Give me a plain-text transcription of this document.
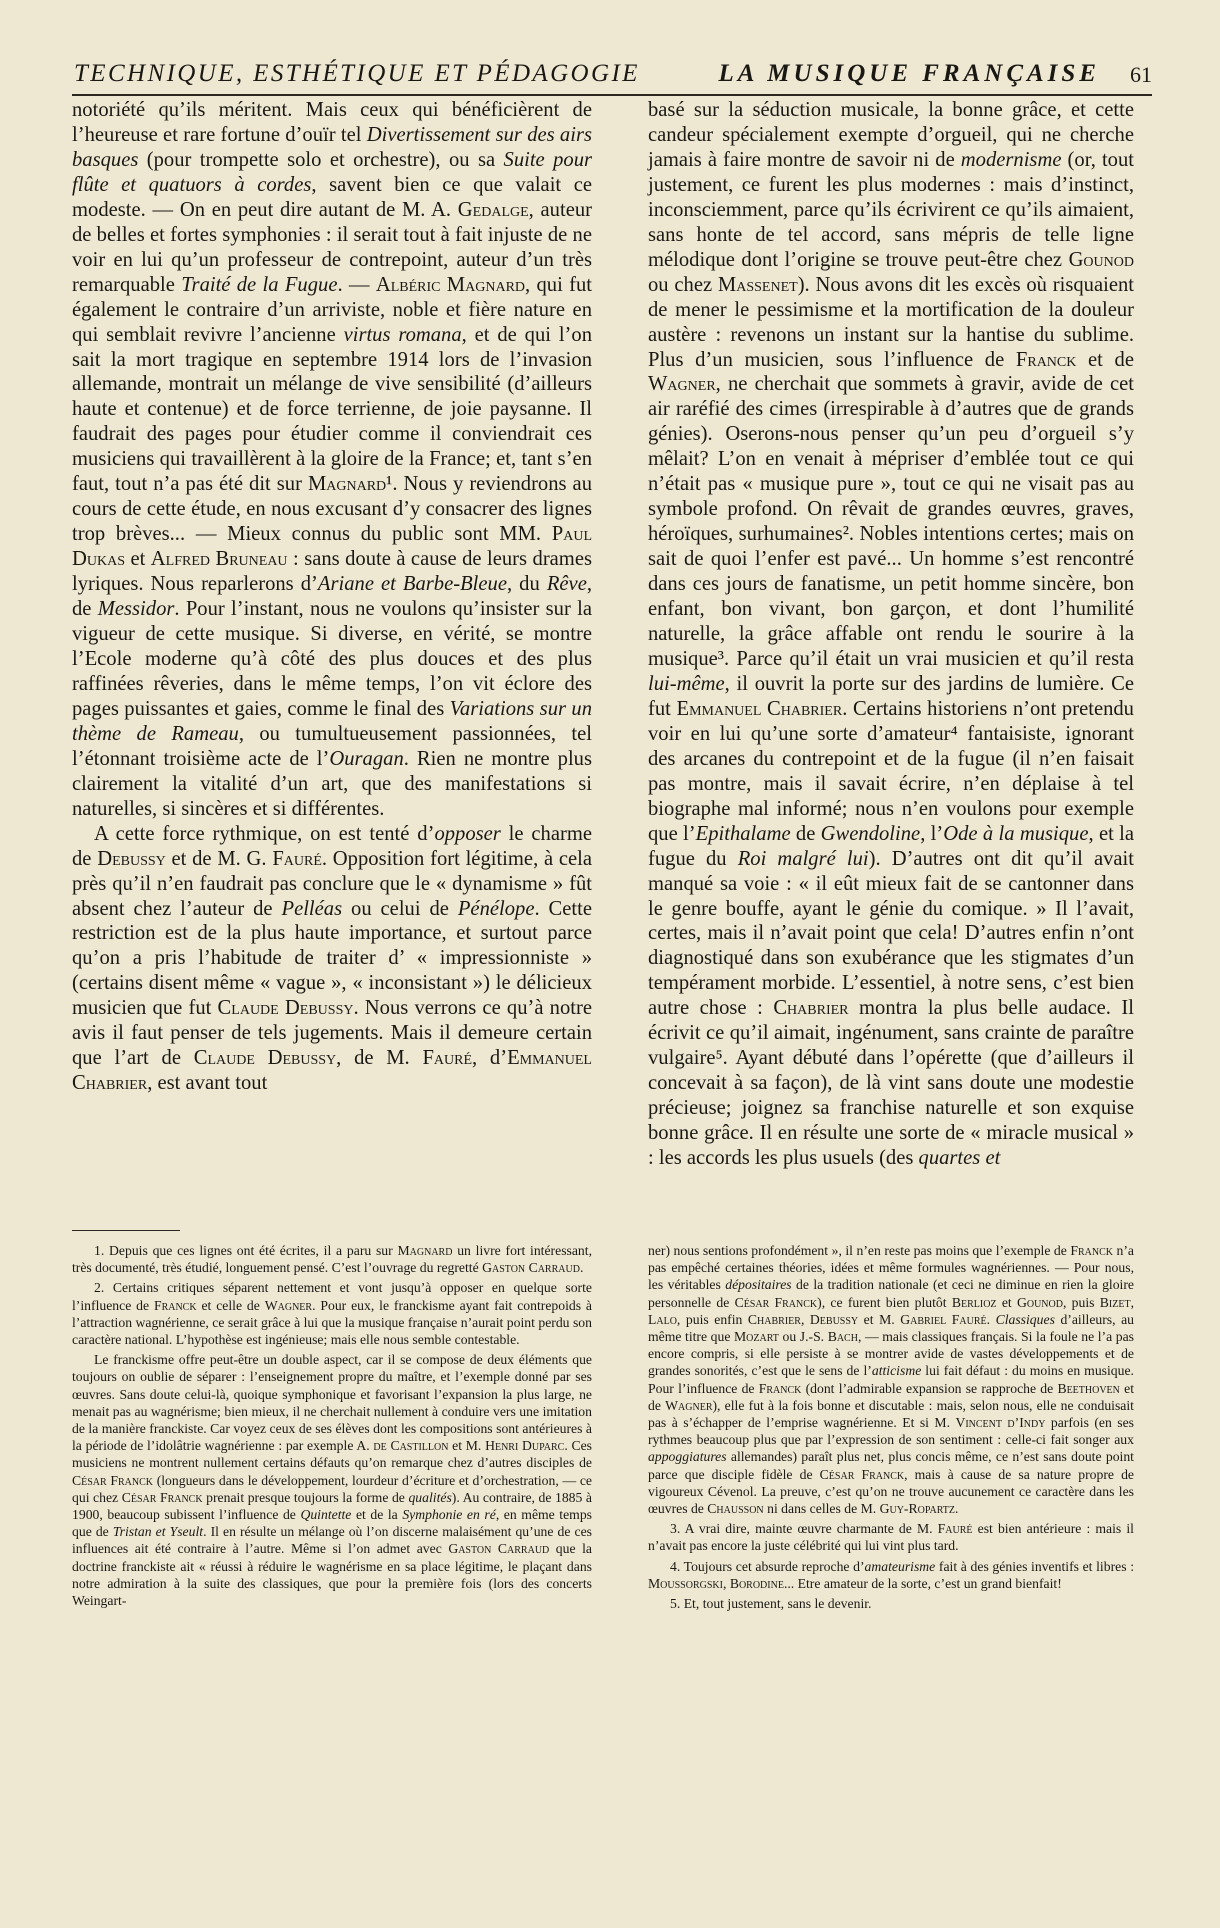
TECHNIQUE, ESTHÉTIQUE ET PÉDAGOGIE	LA MUSIQUE FRANÇAISE 61

notoriété qu’ils méritent. Mais ceux qui bénéficièrent de l’heureuse et rare fortune d’ouïr tel Divertissement sur des airs basques (pour trompette solo et orchestre), ou sa Suite pour flûte et quatuors à cordes, savent bien ce que valait ce modeste. — On en peut dire autant de M. A. Gedalge, auteur de belles et fortes symphonies : il serait tout à fait injuste de ne voir en lui qu’un professeur de contrepoint, auteur d’un très remarquable Traité de la Fugue. — Albéric Magnard, qui fut également le contraire d’un arriviste, noble et fière nature en qui semblait revivre l’ancienne virtus romana, et de qui l’on sait la mort tragique en septembre 1914 lors de l’invasion allemande, montrait un mélange de vive sensibilité (d’ailleurs haute et contenue) et de force terrienne, de joie paysanne. Il faudrait des pages pour étudier comme il conviendrait ces musiciens qui travaillèrent à la gloire de la France; et, tant s’en faut, tout n’a pas été dit sur Magnard¹. Nous y reviendrons au cours de cette étude, en nous excusant d’y consacrer des lignes trop brèves... — Mieux connus du public sont MM. Paul Dukas et Alfred Bruneau : sans doute à cause de leurs drames lyriques. Nous reparlerons d’Ariane et Barbe-Bleue, du Rêve, de Messidor. Pour l’instant, nous ne voulons qu’insister sur la vigueur de cette musique. Si diverse, en vérité, se montre l’Ecole moderne qu’à côté des plus douces et des plus raffinées rêveries, dans le même temps, l’on vit éclore des pages puissantes et gaies, comme le final des Variations sur un thème de Rameau, ou tumultueusement passionnées, tel l’étonnant troisième acte de l’Ouragan. Rien ne montre plus clairement la vitalité d’un art, que des manifestations si naturelles, si sincères et si différentes.

A cette force rythmique, on est tenté d’opposer le charme de Debussy et de M. G. Fauré. Opposition fort légitime, à cela près qu’il n’en faudrait pas conclure que le « dynamisme » fût absent chez l’auteur de Pelléas ou celui de Pénélope. Cette restriction est de la plus haute importance, et surtout parce qu’on a pris l’habitude de traiter d’ « impressionniste » (certains disent même « vague », « inconsistant ») le délicieux musicien que fut Claude Debussy. Nous verrons ce qu’à notre avis il faut penser de tels jugements. Mais il demeure certain que l’art de Claude Debussy, de M. Fauré, d’Emmanuel Chabrier, est avant tout

basé sur la séduction musicale, la bonne grâce, et cette candeur spécialement exempte d’orgueil, qui ne cherche jamais à faire montre de savoir ni de modernisme (or, tout justement, ce furent les plus modernes : mais d’instinct, inconsciemment, parce qu’ils écrivirent ce qu’ils aimaient, sans honte de tel accord, sans mépris de telle ligne mélodique dont l’origine se trouve peut-être chez Gounod ou chez Massenet). Nous avons dit les excès où risquaient de mener le pessimisme et la mortification de la douleur austère : revenons un instant sur la hantise du sublime. Plus d’un musicien, sous l’influence de Franck et de Wagner, ne cherchait que sommets à gravir, avide de cet air raréfié des cimes (irrespirable à d’autres que de grands génies). Oserons-nous penser qu’un peu d’orgueil s’y mêlait? L’on en venait à mépriser d’emblée tout ce qui n’était pas « musique pure », tout ce qui ne visait pas au symbole profond. On rêvait de grandes œuvres, graves, héroïques, surhumaines². Nobles intentions certes; mais on sait de quoi l’enfer est pavé... Un homme s’est rencontré dans ces jours de fanatisme, un petit homme sincère, bon enfant, bon vivant, bon garçon, et dont l’humilité naturelle, la grâce affable ont rendu le sourire à la musique³. Parce qu’il était un vrai musicien et qu’il resta lui-même, il ouvrit la porte sur des jardins de lumière. Ce fut Emmanuel Chabrier. Certains historiens n’ont pretendu voir en lui qu’une sorte d’amateur⁴ fantaisiste, ignorant des arcanes du contrepoint et de la fugue (il n’en faisait pas montre, mais il savait écrire, n’en déplaise à tel biographe mal informé; nous n’en voulons pour exemple que l’Epithalame de Gwendoline, l’Ode à la musique, et la fugue du Roi malgré lui). D’autres ont dit qu’il avait manqué sa voie : « il eût mieux fait de se cantonner dans le genre bouffe, ayant le génie du comique. » Il l’avait, certes, mais il n’avait point que cela! D’autres enfin n’ont diagnostiqué dans son exubérance que les stigmates d’un tempérament morbide. L’essentiel, à notre sens, c’est bien autre chose : Chabrier montra la plus belle audace. Il écrivit ce qu’il aimait, ingénument, sans crainte de paraître vulgaire⁵. Ayant débuté dans l’opérette (que d’ailleurs il concevait à sa façon), de là vint sans doute une modestie précieuse; joignez sa franchise naturelle et son exquise bonne grâce. Il en résulte une sorte de « miracle musical » : les accords les plus usuels (des quartes et

1. Depuis que ces lignes ont été écrites, il a paru sur Magnard un livre fort intéressant, très documenté, très étudié, longuement pensé. C’est l’ouvrage du regretté Gaston Carraud.

2. Certains critiques séparent nettement et vont jusqu’à opposer en quelque sorte l’influence de Franck et celle de Wagner. Pour eux, le franckisme ayant fait contrepoids à l’attraction wagnérienne, ce serait grâce à lui que la musique française n’aurait point perdu son caractère national. L’hypothèse est ingénieuse; mais elle nous semble contestable.

Le franckisme offre peut-être un double aspect, car il se compose de deux éléments que toujours on oublie de séparer : l’enseignement propre du maître, et l’exemple donné par ses œuvres. Sans doute celui-là, quoique symphonique et favorisant l’expansion la plus large, ne menait pas au wagnérisme; bien mieux, il ne cherchait nullement à conduire vers une imitation de la manière franckiste. Car voyez ceux de ses élèves dont les compositions sont antérieures à la période de l’idolâtrie wagnérienne : par exemple A. de Castillon et M. Henri Duparc. Ces musiciens ne montrent nullement certains défauts qu’on remarque chez d’autres disciples de César Franck (longueurs dans le développement, lourdeur d’écriture et d’orchestration, — ce qui chez César Franck prenait presque toujours la forme de qualités). Au contraire, de 1885 à 1900, beaucoup subissent l’influence de Quintette et de la Symphonie en ré, en même temps que de Tristan et Yseult. Il en résulte un mélange où l’on discerne malaisément qu’une de ces influences ait été contraire à l’autre. Même si l’on admet avec Gaston Carraud que la doctrine franckiste ait « réussi à réduire le wagnérisme en sa place légitime, le plaçant dans notre admiration à la suite des classiques, que pour la première fois (lors des concerts Weingart-

ner) nous sentions profondément », il n’en reste pas moins que l’exemple de Franck n’a pas empêché certaines théories, idées et même formules wagnériennes. — Pour nous, les véritables dépositaires de la tradition nationale (et ceci ne diminue en rien la gloire personnelle de César Franck), ce furent bien plutôt Berlioz et Gounod, puis Bizet, Lalo, puis enfin Chabrier, Debussy et M. Gabriel Fauré. Classiques d’ailleurs, au même titre que Mozart ou J.-S. Bach, — mais classiques français. Si la foule ne l’a pas encore compris, si elle persiste à se montrer avide de vastes développements et de grandes sonorités, c’est que le sens de l’atticisme lui fait défaut : du moins en musique. Pour l’influence de Franck (dont l’admirable expansion se rapproche de Beethoven et de Wagner), elle fut à la fois bonne et discutable : mais, selon nous, elle ne conduisait pas à s’échapper de l’emprise wagnérienne. Et si M. Vincent d’Indy parfois (en ses rythmes beaucoup plus que par l’expression de son sentiment : celle-ci fait songer aux appoggiatures allemandes) paraît plus net, plus concis même, ce n’est sans doute point parce que disciple fidèle de César Franck, mais à cause de sa nature propre de vigoureux Cévenol. La preuve, c’est qu’on ne trouve aucunement ce caractère dans les œuvres de Chausson ni dans celles de M. Guy-Ropartz.

3. A vrai dire, mainte œuvre charmante de M. Fauré est bien antérieure : mais il n’avait pas encore la juste célébrité qui lui vint plus tard.

4. Toujours cet absurde reproche d’amateurisme fait à des génies inventifs et libres : Moussorgski, Borodine... Etre amateur de la sorte, c’est un grand bienfait!

5. Et, tout justement, sans le devenir.
